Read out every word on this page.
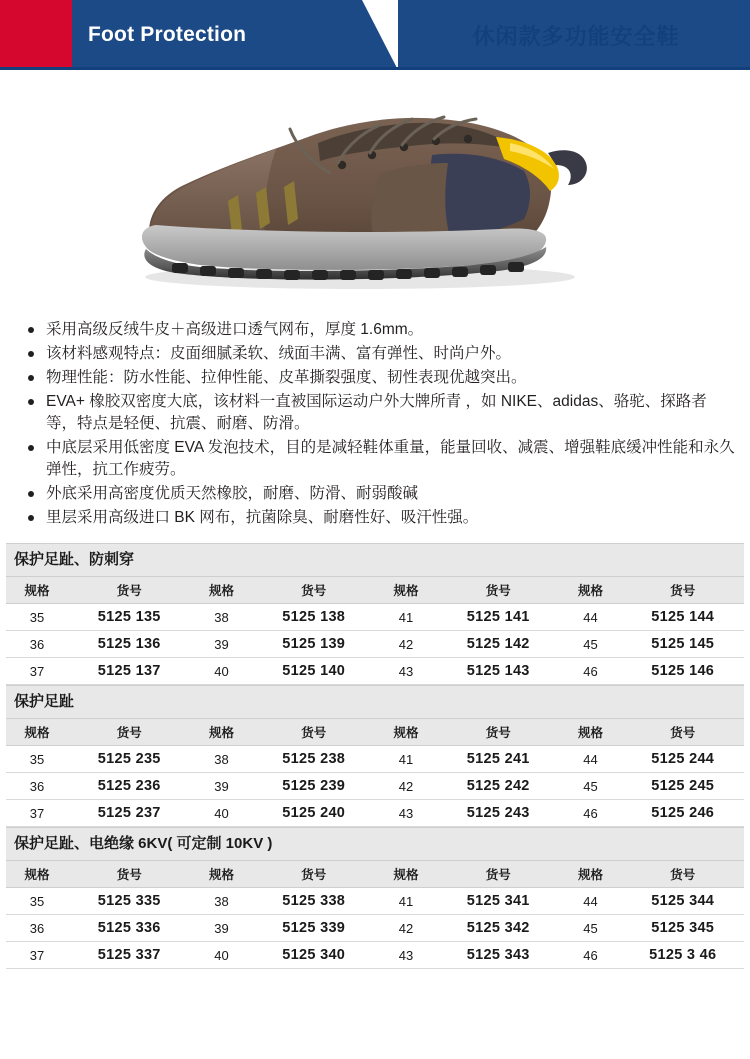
Foot Protection	休闲款多功能安全鞋
采用高级反绒牛皮＋高级进口透气网布，厚度 1.6mm。
该材料感观特点：皮面细腻柔软、绒面丰满、富有弹性、时尚户外。
物理性能：防水性能、拉伸性能、皮革撕裂强度、韧性表现优越突出。
EVA+ 橡胶双密度大底，该材料一直被国际运动户外大牌所青 ，如 NIKE、adidas、骆驼、探路者等，特点是轻便、抗震、耐磨、防滑。
中底层采用低密度 EVA 发泡技术，目的是减轻鞋体重量，能量回收、减震、增强鞋底缓冲性能和永久弹性，抗工作疲劳。
外底采用高密度优质天然橡胶，耐磨、防滑、耐弱酸碱
里层采用高级进口 BK 网布，抗菌除臭、耐磨性好、吸汗性强。
保护足趾、防刺穿
规格	货号	规格	货号	规格	货号	规格	货号
35	5125 135	38	5125 138	41	5125 141	44	5125 144
36	5125 136	39	5125 139	42	5125 142	45	5125 145
37	5125 137	40	5125 140	43	5125 143	46	5125 146
保护足趾
规格	货号	规格	货号	规格	货号	规格	货号
35	5125 235	38	5125 238	41	5125 241	44	5125 244
36	5125 236	39	5125 239	42	5125 242	45	5125 245
37	5125 237	40	5125 240	43	5125 243	46	5125 246
保护足趾、电绝缘 6KV( 可定制 10KV )
规格	货号	规格	货号	规格	货号	规格	货号
35	5125 335	38	5125 338	41	5125 341	44	5125 344
36	5125 336	39	5125 339	42	5125 342	45	5125 345
37	5125 337	40	5125 340	43	5125 343	46	5125 3 46
